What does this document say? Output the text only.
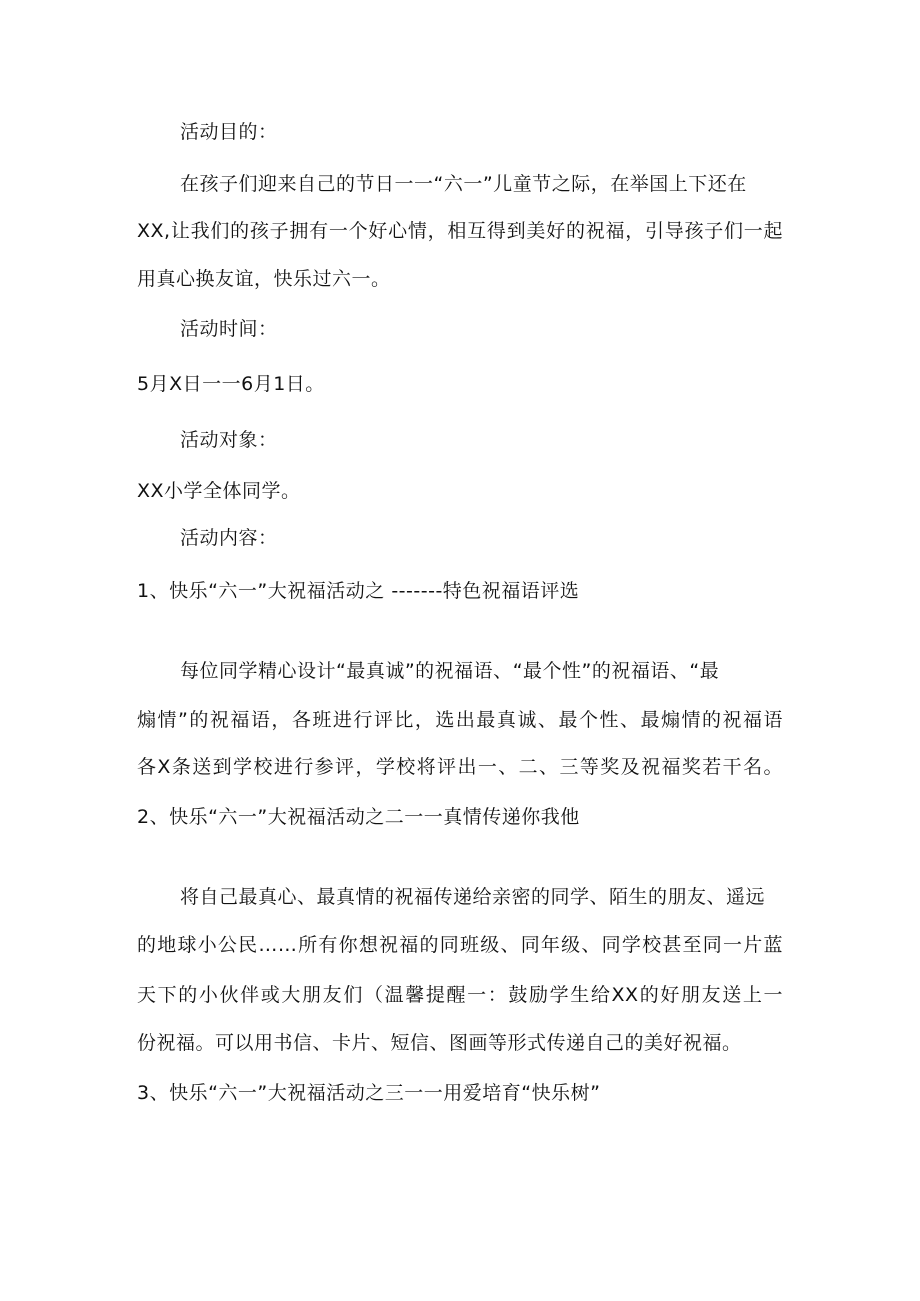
活动目的：
在孩子们迎来自己的节日一一“六一”儿童节之际，在举国上下还在
XX,让我们的孩子拥有一个好心情，相互得到美好的祝福，引导孩子们一起
用真心换友谊，快乐过六一。
活动时间：
5月X日一一6月1日。
活动对象：
XX小学全体同学。
活动内容：
1、快乐“六一”大祝福活动之 -------特色祝福语评选
每位同学精心设计“最真诚”的祝福语、“最个性”的祝福语、“最
煽情”的祝福语，各班进行评比，选出最真诚、最个性、最煽情的祝福语
各X条送到学校进行参评，学校将评出一、二、三等奖及祝福奖若干名。
2、快乐“六一”大祝福活动之二一一真情传递你我他
将自己最真心、最真情的祝福传递给亲密的同学、陌生的朋友、遥远
的地球小公民……所有你想祝福的同班级、同年级、同学校甚至同一片蓝
天下的小伙伴或大朋友们（温馨提醒一：鼓励学生给XX的好朋友送上一
份祝福。可以用书信、卡片、短信、图画等形式传递自己的美好祝福。
3、快乐“六一”大祝福活动之三一一用爱培育“快乐树”
